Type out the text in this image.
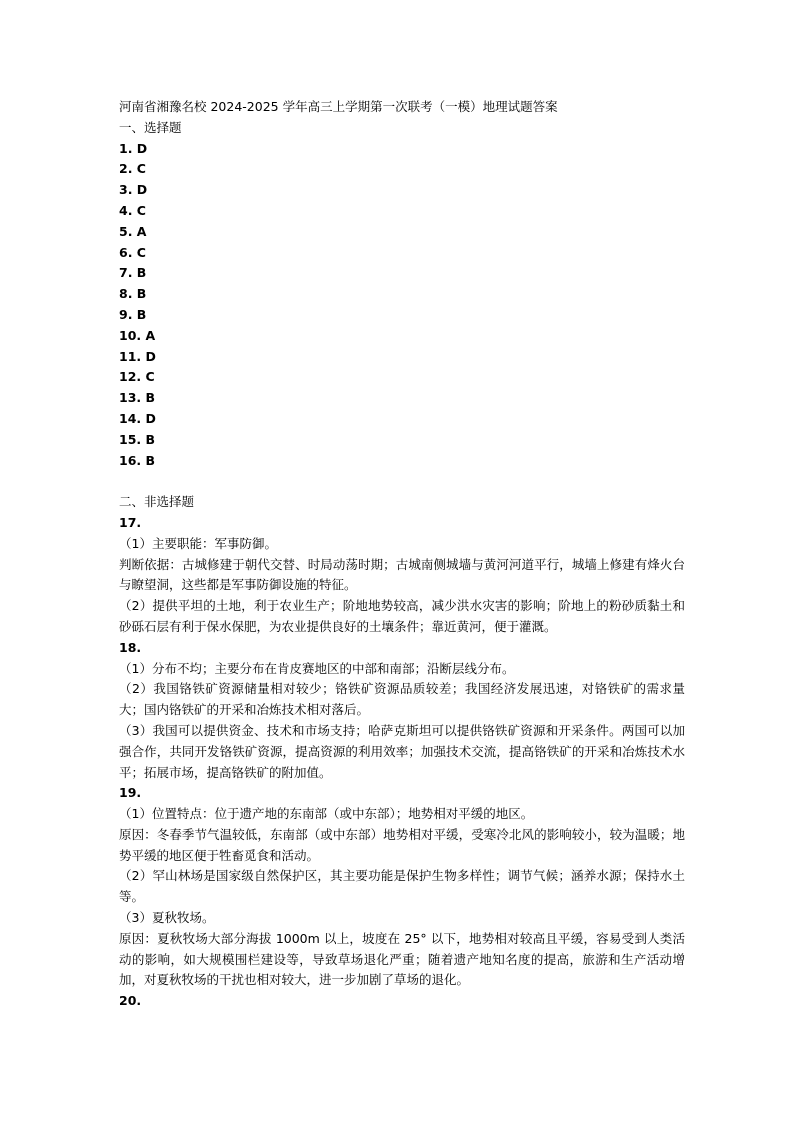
河南省湘豫名校 2024-2025 学年高三上学期第一次联考（一模）地理试题答案
一、选择题
1. D
2. C
3. D
4. C
5. A
6. C
7. B
8. B
9. B
10. A
11. D
12. C
13. B
14. D
15. B
16. B
二、非选择题
17.
（1）主要职能：军事防御。
判断依据：古城修建于朝代交替、时局动荡时期；古城南侧城墙与黄河河道平行，城墙上修建有烽火台与瞭望洞，这些都是军事防御设施的特征。
（2）提供平坦的土地，利于农业生产；阶地地势较高，减少洪水灾害的影响；阶地上的粉砂质黏土和砂砾石层有利于保水保肥，为农业提供良好的土壤条件；靠近黄河，便于灌溉。
18.
（1）分布不均；主要分布在肯皮赛地区的中部和南部；沿断层线分布。
（2）我国铬铁矿资源储量相对较少；铬铁矿资源品质较差；我国经济发展迅速，对铬铁矿的需求量大；国内铬铁矿的开采和冶炼技术相对落后。
（3）我国可以提供资金、技术和市场支持；哈萨克斯坦可以提供铬铁矿资源和开采条件。两国可以加强合作，共同开发铬铁矿资源，提高资源的利用效率；加强技术交流，提高铬铁矿的开采和冶炼技术水平；拓展市场，提高铬铁矿的附加值。
19.
（1）位置特点：位于遗产地的东南部（或中东部）；地势相对平缓的地区。
原因：冬春季节气温较低，东南部（或中东部）地势相对平缓，受寒冷北风的影响较小，较为温暖；地势平缓的地区便于牲畜觅食和活动。
（2）罕山林场是国家级自然保护区，其主要功能是保护生物多样性；调节气候；涵养水源；保持水土等。
（3）夏秋牧场。
原因：夏秋牧场大部分海拔 1000m 以上，坡度在 25° 以下，地势相对较高且平缓，容易受到人类活动的影响，如大规模围栏建设等，导致草场退化严重；随着遗产地知名度的提高，旅游和生产活动增加，对夏秋牧场的干扰也相对较大，进一步加剧了草场的退化。
20.
